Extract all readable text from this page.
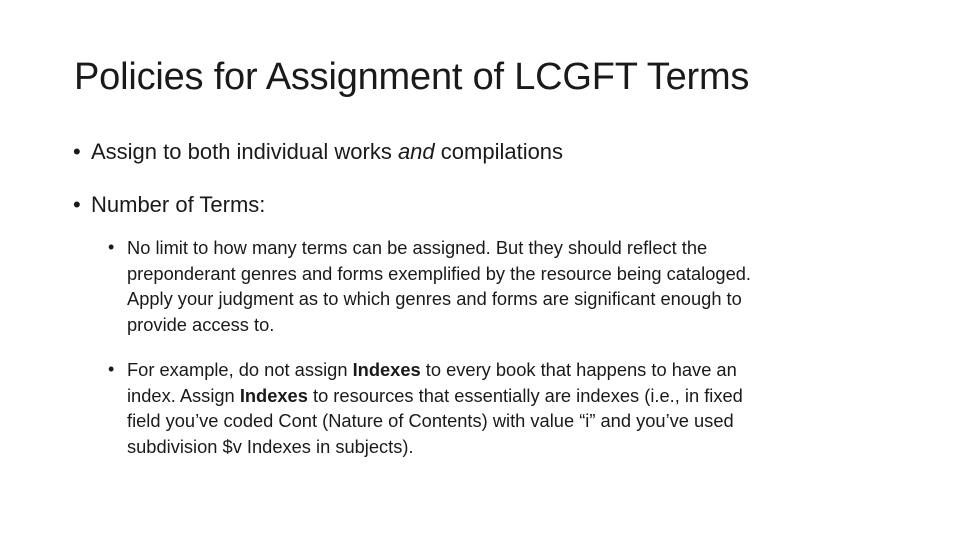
Policies for Assignment of LCGFT Terms
• Assign to both individual works and compilations
• Number of Terms:
• No limit to how many terms can be assigned. But they should reflect the
preponderant genres and forms exemplified by the resource being cataloged.
Apply your judgment as to which genres and forms are significant enough to
provide access to.
• For example, do not assign Indexes to every book that happens to have an
index. Assign Indexes to resources that essentially are indexes (i.e., in fixed
field you’ve coded Cont (Nature of Contents) with value “i” and you’ve used
subdivision $v Indexes in subjects).
